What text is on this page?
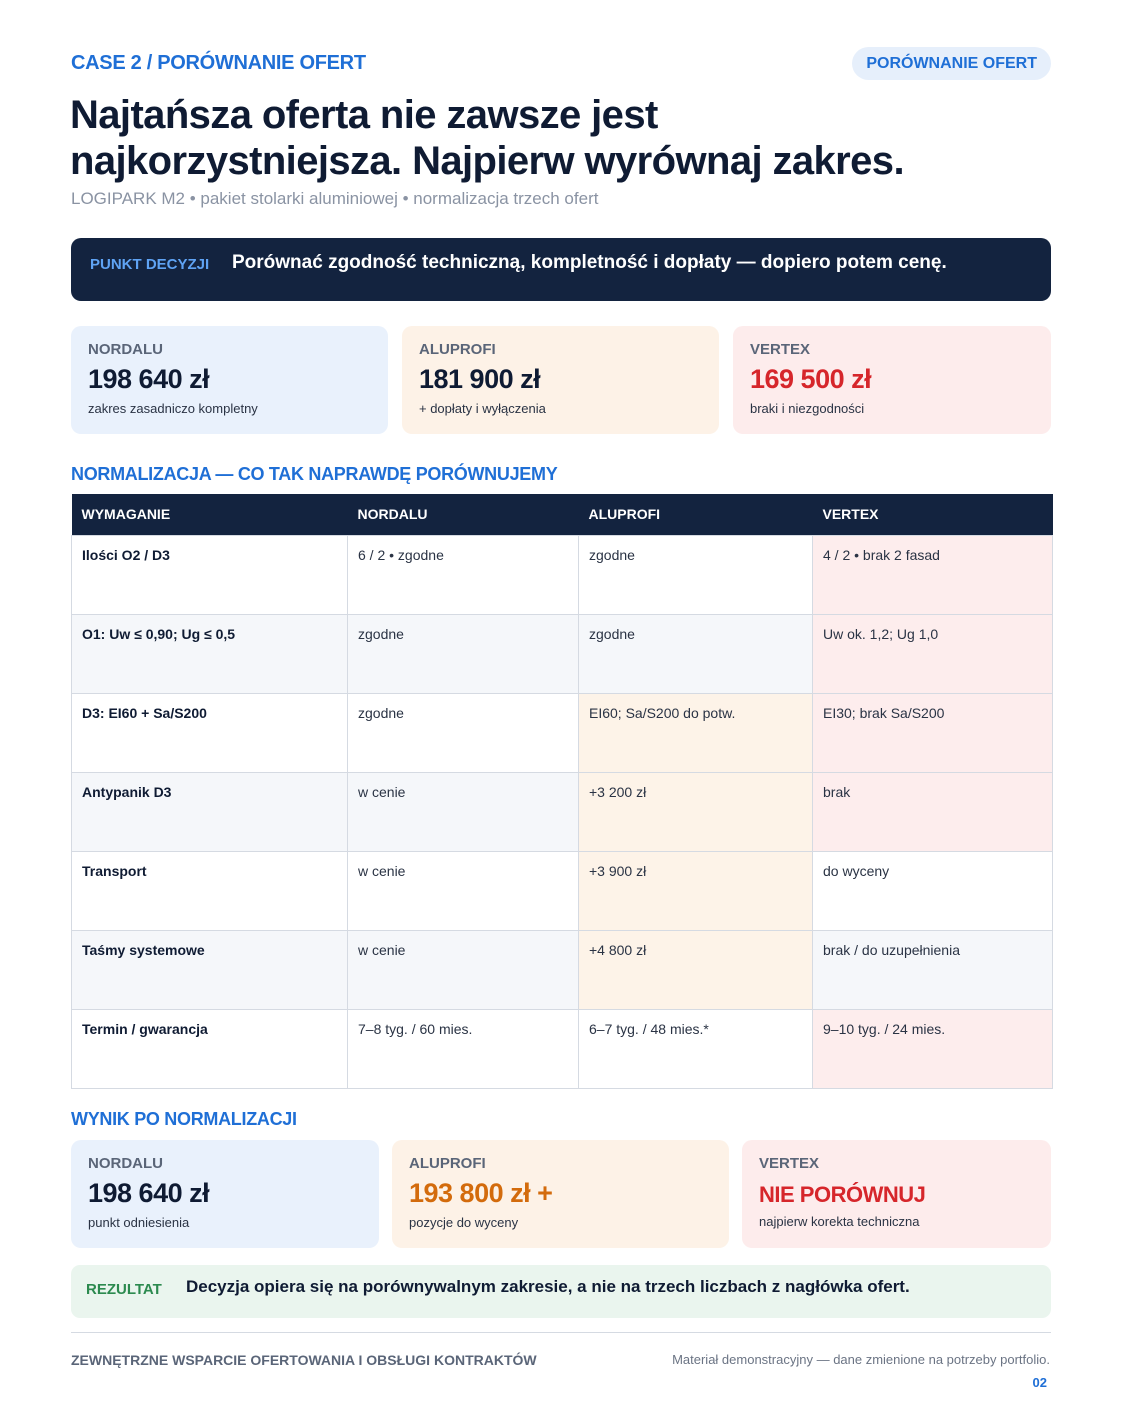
CASE 2 / PORÓWNANIE OFERT	PORÓWNANIE OFERT
Najtańsza oferta nie zawsze jest
najkorzystniejsza. Najpierw wyrównaj zakres.
LOGIPARK M2 • pakiet stolarki aluminiowej • normalizacja trzech ofert
PUNKT DECYZJI Porównać zgodność techniczną, kompletność i dopłaty — dopiero potem cenę.
NORDALU
198 640 zł
zakres zasadniczo kompletny
ALUPROFI
181 900 zł
+ dopłaty i wyłączenia
VERTEX
169 500 zł
braki i niezgodności
NORMALIZACJA — CO TAK NAPRAWDĘ PORÓWNUJEMY
WYMAGANIE	NORDALU	ALUPROFI	VERTEX
Ilości O2 / D3	6 / 2 • zgodne	zgodne	4 / 2 • brak 2 fasad
O1: Uw ≤ 0,90; Ug ≤ 0,5	zgodne	zgodne	Uw ok. 1,2; Ug 1,0
D3: EI60 + Sa/S200	zgodne	EI60; Sa/S200 do potw.	EI30; brak Sa/S200
Antypanik D3	w cenie	+3 200 zł	brak
Transport	w cenie	+3 900 zł	do wyceny
Taśmy systemowe	w cenie	+4 800 zł	brak / do uzupełnienia
Termin / gwarancja	7–8 tyg. / 60 mies.	6–7 tyg. / 48 mies.*	9–10 tyg. / 24 mies.
WYNIK PO NORMALIZACJI
NORDALU
198 640 zł
punkt odniesienia
ALUPROFI
193 800 zł +
pozycje do wyceny
VERTEX
NIE PORÓWNUJ
najpierw korekta techniczna
REZULTAT Decyzja opiera się na porównywalnym zakresie, a nie na trzech liczbach z nagłówka ofert.
ZEWNĘTRZNE WSPARCIE OFERTOWANIA I OBSŁUGI KONTRAKTÓW	Materiał demonstracyjny — dane zmienione na potrzeby portfolio.
02
